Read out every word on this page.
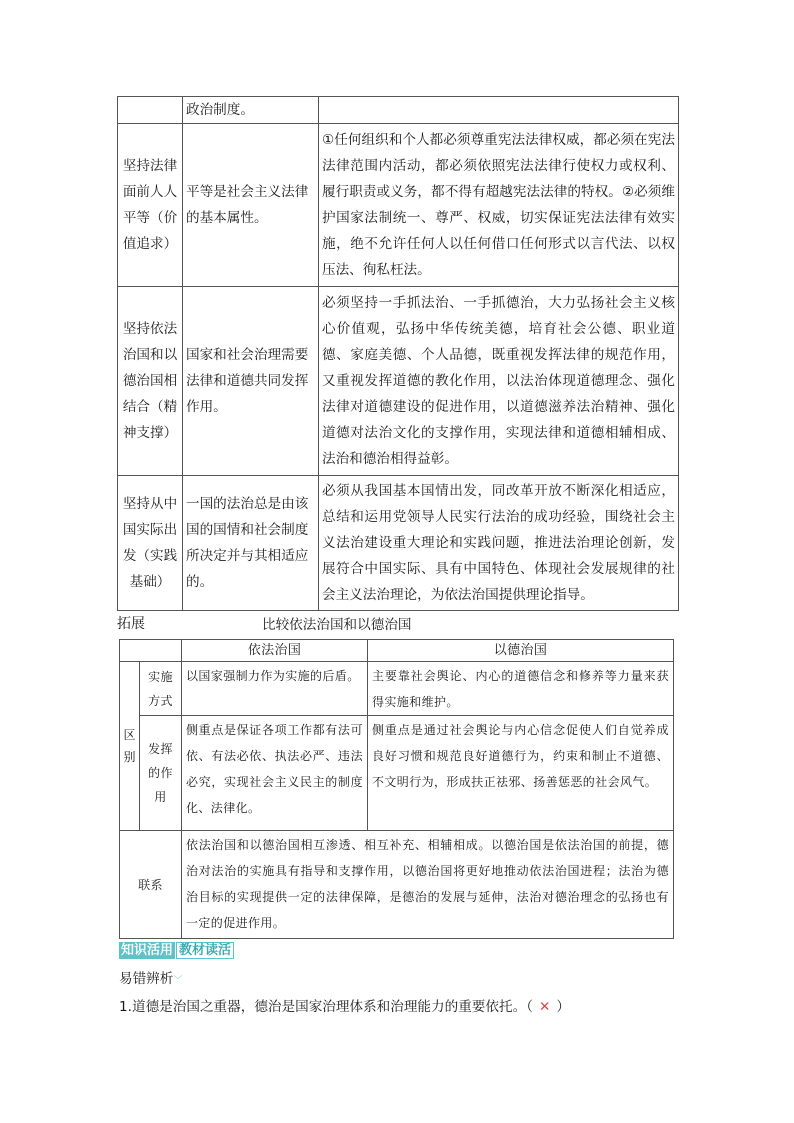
	政治制度。	
坚持法律面前人人平等（价值追求）	平等是社会主义法律的基本属性。	①任何组织和个人都必须尊重宪法法律权威，都必须在宪法法律范围内活动，都必须依照宪法法律行使权力或权利、履行职责或义务，都不得有超越宪法法律的特权。②必须维护国家法制统一、尊严、权威，切实保证宪法法律有效实施，绝不允许任何人以任何借口任何形式以言代法、以权压法、徇私枉法。
坚持依法治国和以德治国相结合（精神支撑）	国家和社会治理需要法律和道德共同发挥作用。	必须坚持一手抓法治、一手抓德治，大力弘扬社会主义核心价值观，弘扬中华传统美德，培育社会公德、职业道德、家庭美德、个人品德，既重视发挥法律的规范作用，又重视发挥道德的教化作用，以法治体现道德理念、强化法律对道德建设的促进作用，以道德滋养法治精神、强化道德对法治文化的支撑作用，实现法律和道德相辅相成、法治和德治相得益彰。
坚持从中国实际出发（实践基础）	一国的法治总是由该国的国情和社会制度所决定并与其相适应的。	必须从我国基本国情出发，同改革开放不断深化相适应，总结和运用党领导人民实行法治的成功经验，围绕社会主义法治建设重大理论和实践问题，推进法治理论创新，发展符合中国实际、具有中国特色、体现社会发展规律的社会主义法治理论，为依法治国提供理论指导。
拓展	比较依法治国和以德治国
		依法治国	以德治国
区别	实施方式	以国家强制力作为实施的后盾。	主要靠社会舆论、内心的道德信念和修养等力量来获得实施和维护。
	发挥的作用	侧重点是保证各项工作都有法可依、有法必依、执法必严、违法必究，实现社会主义民主的制度化、法律化。	侧重点是通过社会舆论与内心信念促使人们自觉养成良好习惯和规范良好道德行为，约束和制止不道德、不文明行为，形成扶正祛邪、扬善惩恶的社会风气。
联系		依法治国和以德治国相互渗透、相互补充、相辅相成。以德治国是依法治国的前提，德治对法治的实施具有指导和支撑作用，以德治国将更好地推动依法治国进程；法治为德治目标的实现提供一定的法律保障，是德治的发展与延伸，法治对德治理念的弘扬也有一定的促进作用。	
知识活用 教材读活
易错辨析﹀
1.道德是治国之重器，德治是国家治理体系和治理能力的重要依托。（ ✕ ）
